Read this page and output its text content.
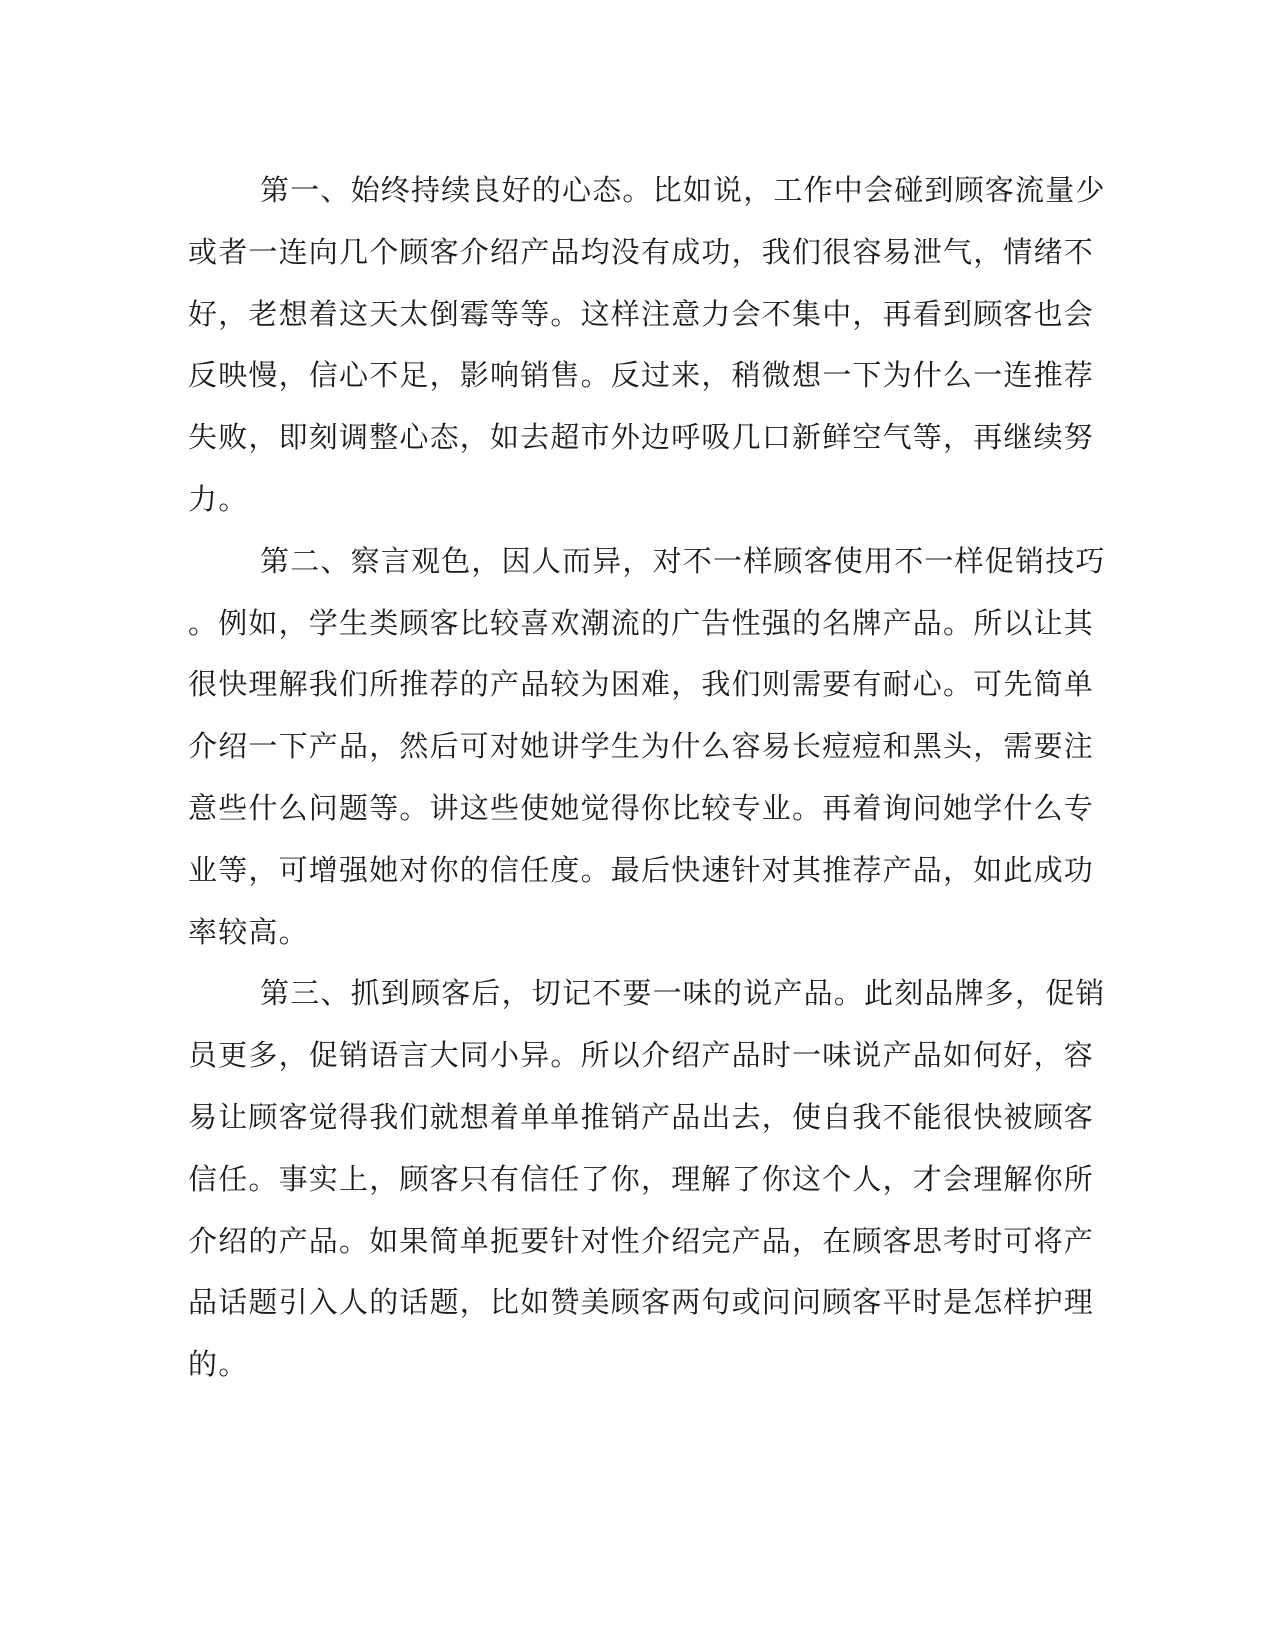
第一、始终持续良好的心态。比如说，工作中会碰到顾客流量少
或者一连向几个顾客介绍产品均没有成功，我们很容易泄气，情绪不
好，老想着这天太倒霉等等。这样注意力会不集中，再看到顾客也会
反映慢，信心不足，影响销售。反过来，稍微想一下为什么一连推荐
失败，即刻调整心态，如去超市外边呼吸几口新鲜空气等，再继续努
力。
第二、察言观色，因人而异，对不一样顾客使用不一样促销技巧
。例如，学生类顾客比较喜欢潮流的广告性强的名牌产品。所以让其
很快理解我们所推荐的产品较为困难，我们则需要有耐心。可先简单
介绍一下产品，然后可对她讲学生为什么容易长痘痘和黑头，需要注
意些什么问题等。讲这些使她觉得你比较专业。再着询问她学什么专
业等，可增强她对你的信任度。最后快速针对其推荐产品，如此成功
率较高。
第三、抓到顾客后，切记不要一味的说产品。此刻品牌多，促销
员更多，促销语言大同小异。所以介绍产品时一味说产品如何好，容
易让顾客觉得我们就想着单单推销产品出去，使自我不能很快被顾客
信任。事实上，顾客只有信任了你，理解了你这个人，才会理解你所
介绍的产品。如果简单扼要针对性介绍完产品，在顾客思考时可将产
品话题引入人的话题，比如赞美顾客两句或问问顾客平时是怎样护理
的。
